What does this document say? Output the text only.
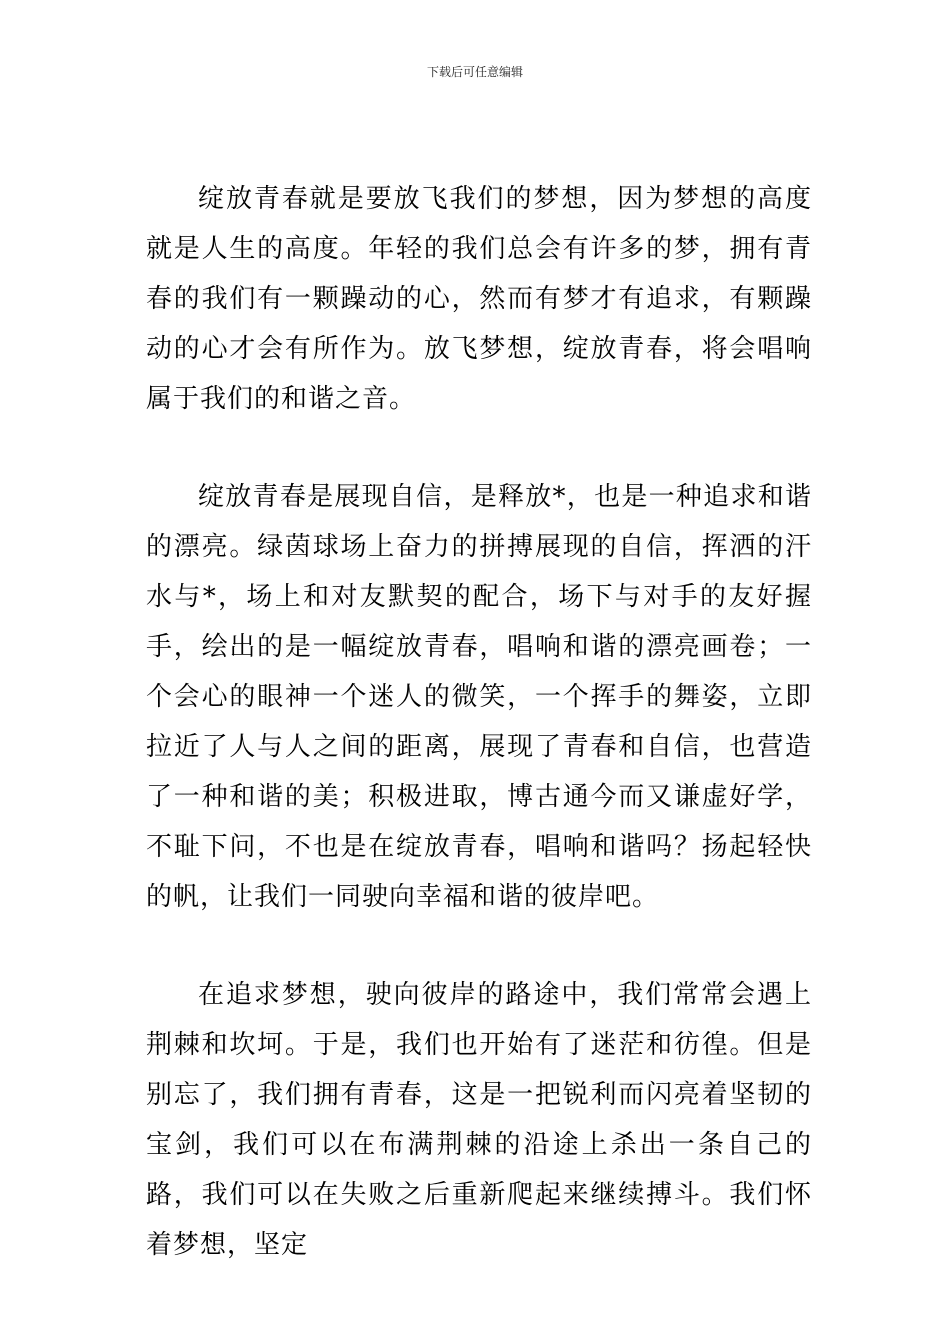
下载后可任意编辑

绽放青春就是要放飞我们的梦想，因为梦想的高度就是人生的高度。年轻的我们总会有许多的梦，拥有青春的我们有一颗躁动的心，然而有梦才有追求，有颗躁动的心才会有所作为。放飞梦想，绽放青春，将会唱响属于我们的和谐之音。

绽放青春是展现自信，是释放*，也是一种追求和谐的漂亮。绿茵球场上奋力的拼搏展现的自信，挥洒的汗水与*，场上和对友默契的配合，场下与对手的友好握手，绘出的是一幅绽放青春，唱响和谐的漂亮画卷；一个会心的眼神一个迷人的微笑，一个挥手的舞姿，立即拉近了人与人之间的距离，展现了青春和自信，也营造了一种和谐的美；积极进取，博古通今而又谦虚好学，不耻下问，不也是在绽放青春，唱响和谐吗？扬起轻快的帆，让我们一同驶向幸福和谐的彼岸吧。

在追求梦想，驶向彼岸的路途中，我们常常会遇上荆棘和坎坷。于是，我们也开始有了迷茫和彷徨。但是别忘了，我们拥有青春，这是一把锐利而闪亮着坚韧的宝剑，我们可以在布满荆棘的沿途上杀出一条自己的路，我们可以在失败之后重新爬起来继续搏斗。我们怀着梦想，坚定
